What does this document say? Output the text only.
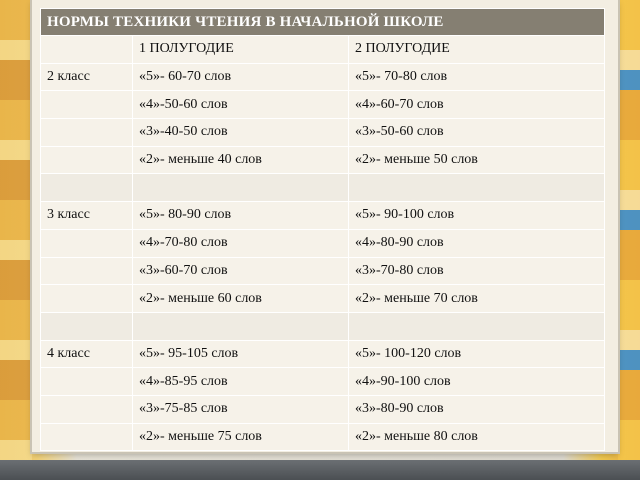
НОРМЫ ТЕХНИКИ ЧТЕНИЯ В НАЧАЛЬНОЙ ШКОЛЕ		
	1 ПОЛУГОДИЕ	2 ПОЛУГОДИЕ
2 класс	«5»- 60-70 слов	«5»- 70-80 слов
	«4»-50-60 слов	«4»-60-70 слов
	«3»-40-50 слов	«3»-50-60 слов
	«2»- меньше 40 слов	«2»- меньше 50 слов

3 класс	«5»- 80-90 слов	«5»- 90-100 слов
	«4»-70-80 слов	«4»-80-90 слов
	«3»-60-70 слов	«3»-70-80 слов
	«2»- меньше 60 слов	«2»- меньше 70 слов

4 класс	«5»- 95-105 слов	«5»- 100-120 слов
	«4»-85-95 слов	«4»-90-100 слов
	«3»-75-85 слов	«3»-80-90 слов
	«2»- меньше 75 слов	«2»- меньше 80 слов
